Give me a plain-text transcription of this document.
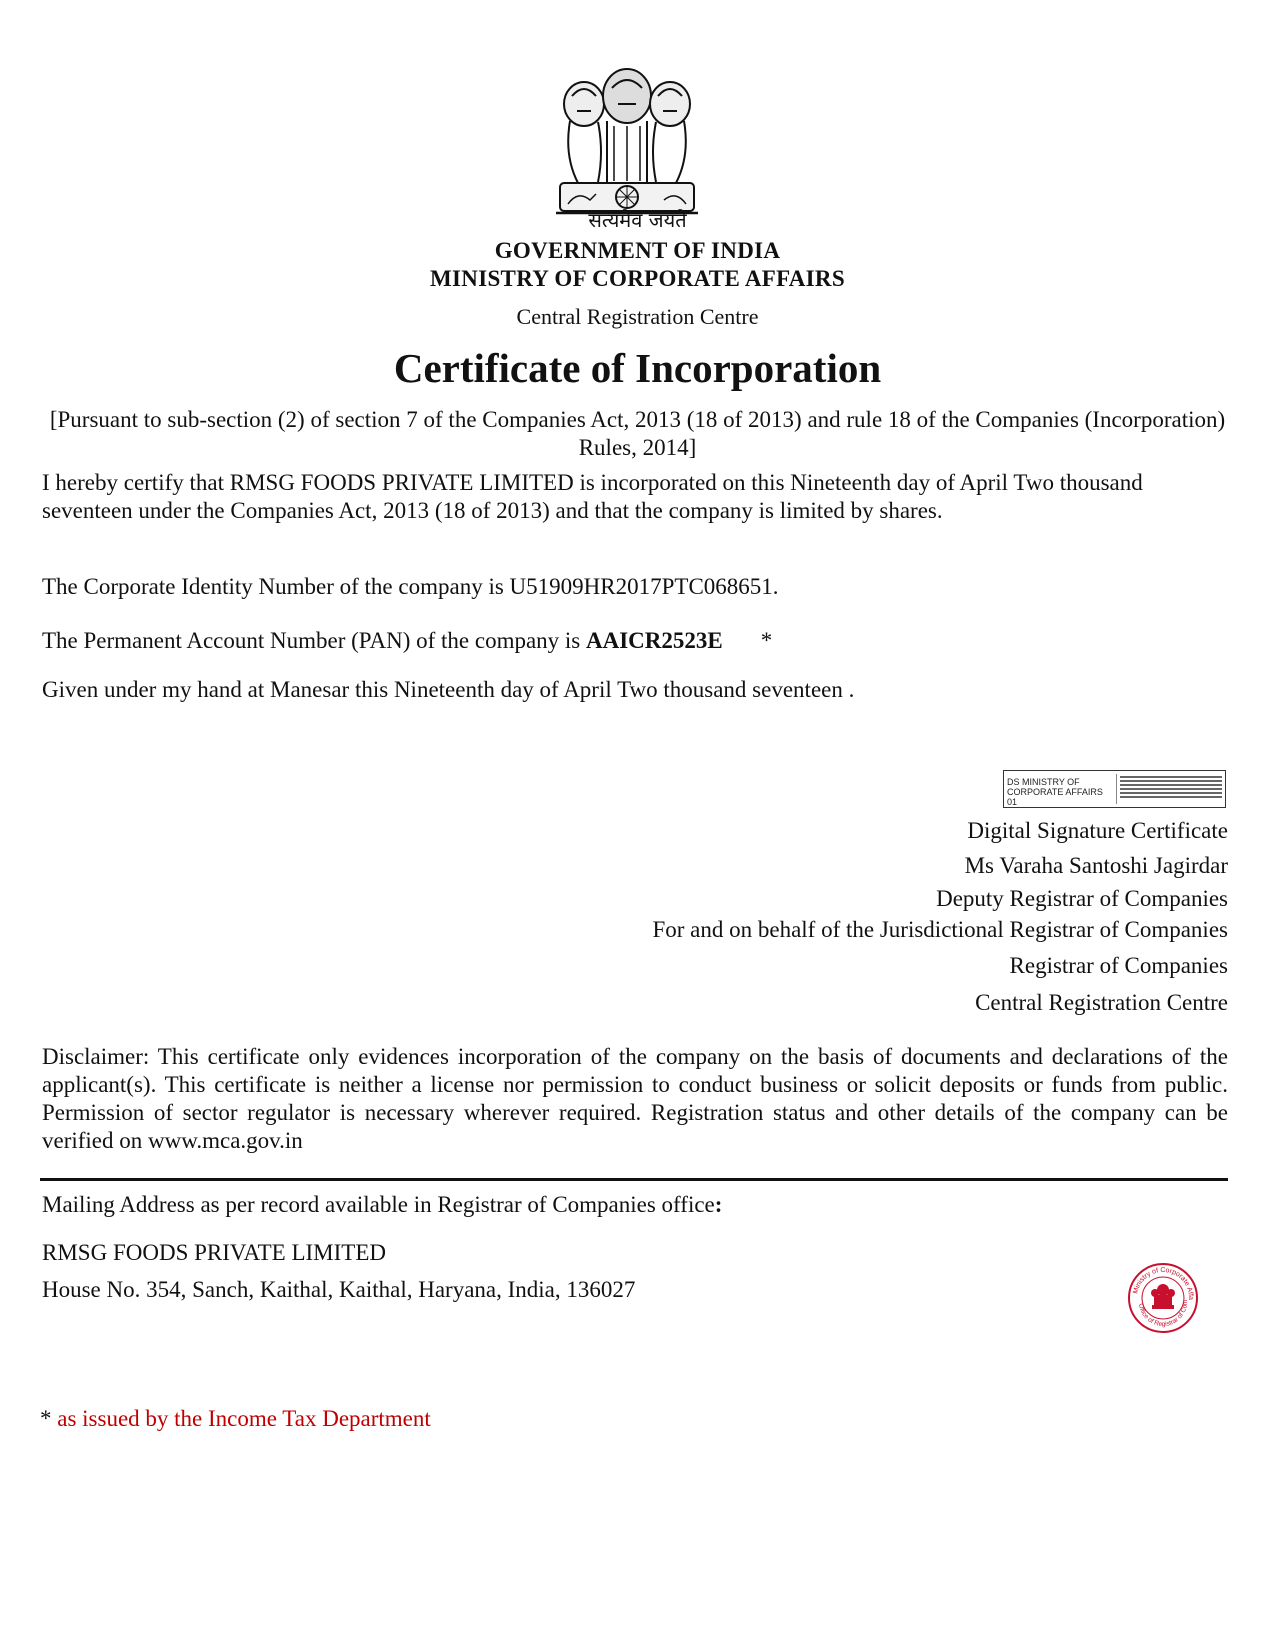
सत्यमेव जयते
GOVERNMENT OF INDIA
MINISTRY OF CORPORATE AFFAIRS
Central Registration Centre
Certificate of Incorporation
[Pursuant to sub-section (2) of section 7 of the Companies Act, 2013 (18 of 2013) and rule 18 of the Companies (Incorporation) Rules, 2014]
I hereby certify that RMSG FOODS PRIVATE LIMITED is incorporated on this Nineteenth day of April Two thousand seventeen under the Companies Act, 2013 (18 of 2013) and that the company is limited by shares.
The Corporate Identity Number of the company is U51909HR2017PTC068651.
The Permanent Account Number (PAN) of the company is AAICR2523E *
Given under my hand at Manesar this Nineteenth day of April Two thousand seventeen .
DS MINISTRY OF CORPORATE AFFAIRS 01
Digital Signature Certificate
Ms Varaha Santoshi Jagirdar
Deputy Registrar of Companies
For and on behalf of the Jurisdictional Registrar of Companies
Registrar of Companies
Central Registration Centre
Disclaimer: This certificate only evidences incorporation of the company on the basis of documents and declarations of the applicant(s). This certificate is neither a license nor permission to conduct business or solicit deposits or funds from public. Permission of sector regulator is necessary wherever required. Registration status and other details of the company can be verified on www.mca.gov.in
Mailing Address as per record available in Registrar of Companies office:
RMSG FOODS PRIVATE LIMITED
House No. 354, Sanch, Kaithal, Kaithal, Haryana, India, 136027	Ministry of Corporate Affa
Office of Registrar of Com
* as issued by the Income Tax Department
